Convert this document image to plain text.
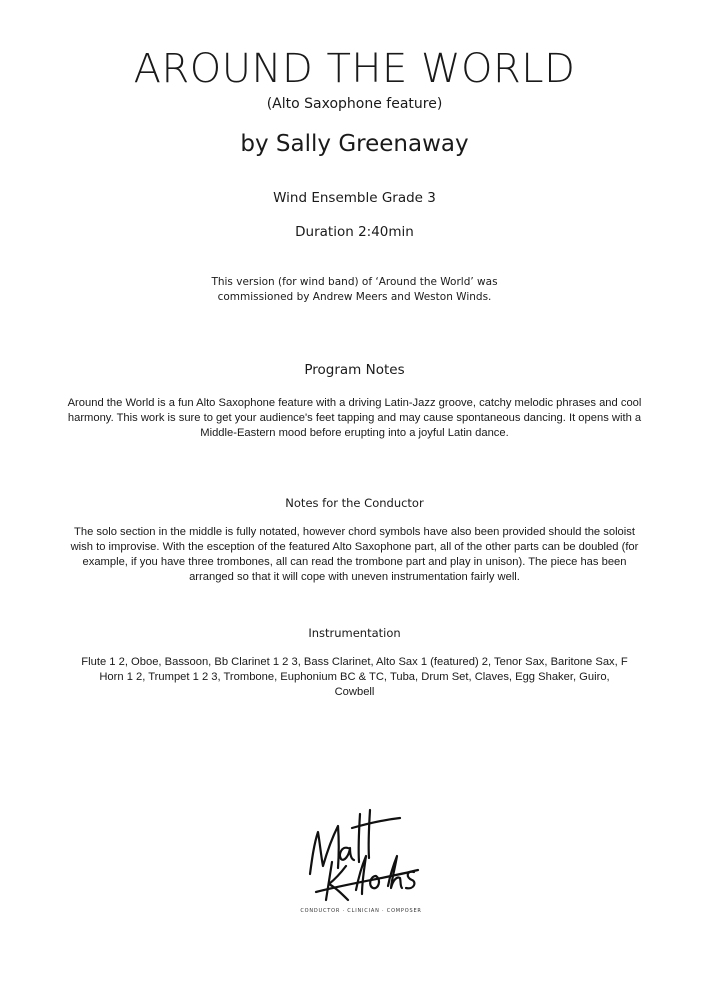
AROUND THE WORLD
(Alto Saxophone feature)
by Sally Greenaway
Wind Ensemble Grade 3
Duration 2:40min
This version (for wind band) of ‘Around the World’ was
commissioned by Andrew Meers and Weston Winds.
Program Notes
Around the World is a fun Alto Saxophone feature with a driving Latin-Jazz groove, catchy melodic phrases and cool harmony. This work is sure to get your audience's feet tapping and may cause spontaneous dancing. It opens with a Middle-Eastern mood before erupting into a joyful Latin dance.
Notes for the Conductor
The solo section in the middle is fully notated, however chord symbols have also been provided should the soloist wish to improvise. With the esception of the featured Alto Saxophone part, all of the other parts can be doubled (for example, if you have three trombones, all can read the trombone part and play in unison). The piece has been arranged so that it will cope with uneven instrumentation fairly well.
Instrumentation
Flute 1 2, Oboe, Bassoon, Bb Clarinet 1 2 3, Bass Clarinet, Alto Sax 1 (featured) 2, Tenor Sax, Baritone Sax, F Horn 1 2, Trumpet 1 2 3, Trombone, Euphonium BC & TC, Tuba, Drum Set, Claves, Egg Shaker, Guiro, Cowbell
CONDUCTOR · CLINICIAN · COMPOSER
